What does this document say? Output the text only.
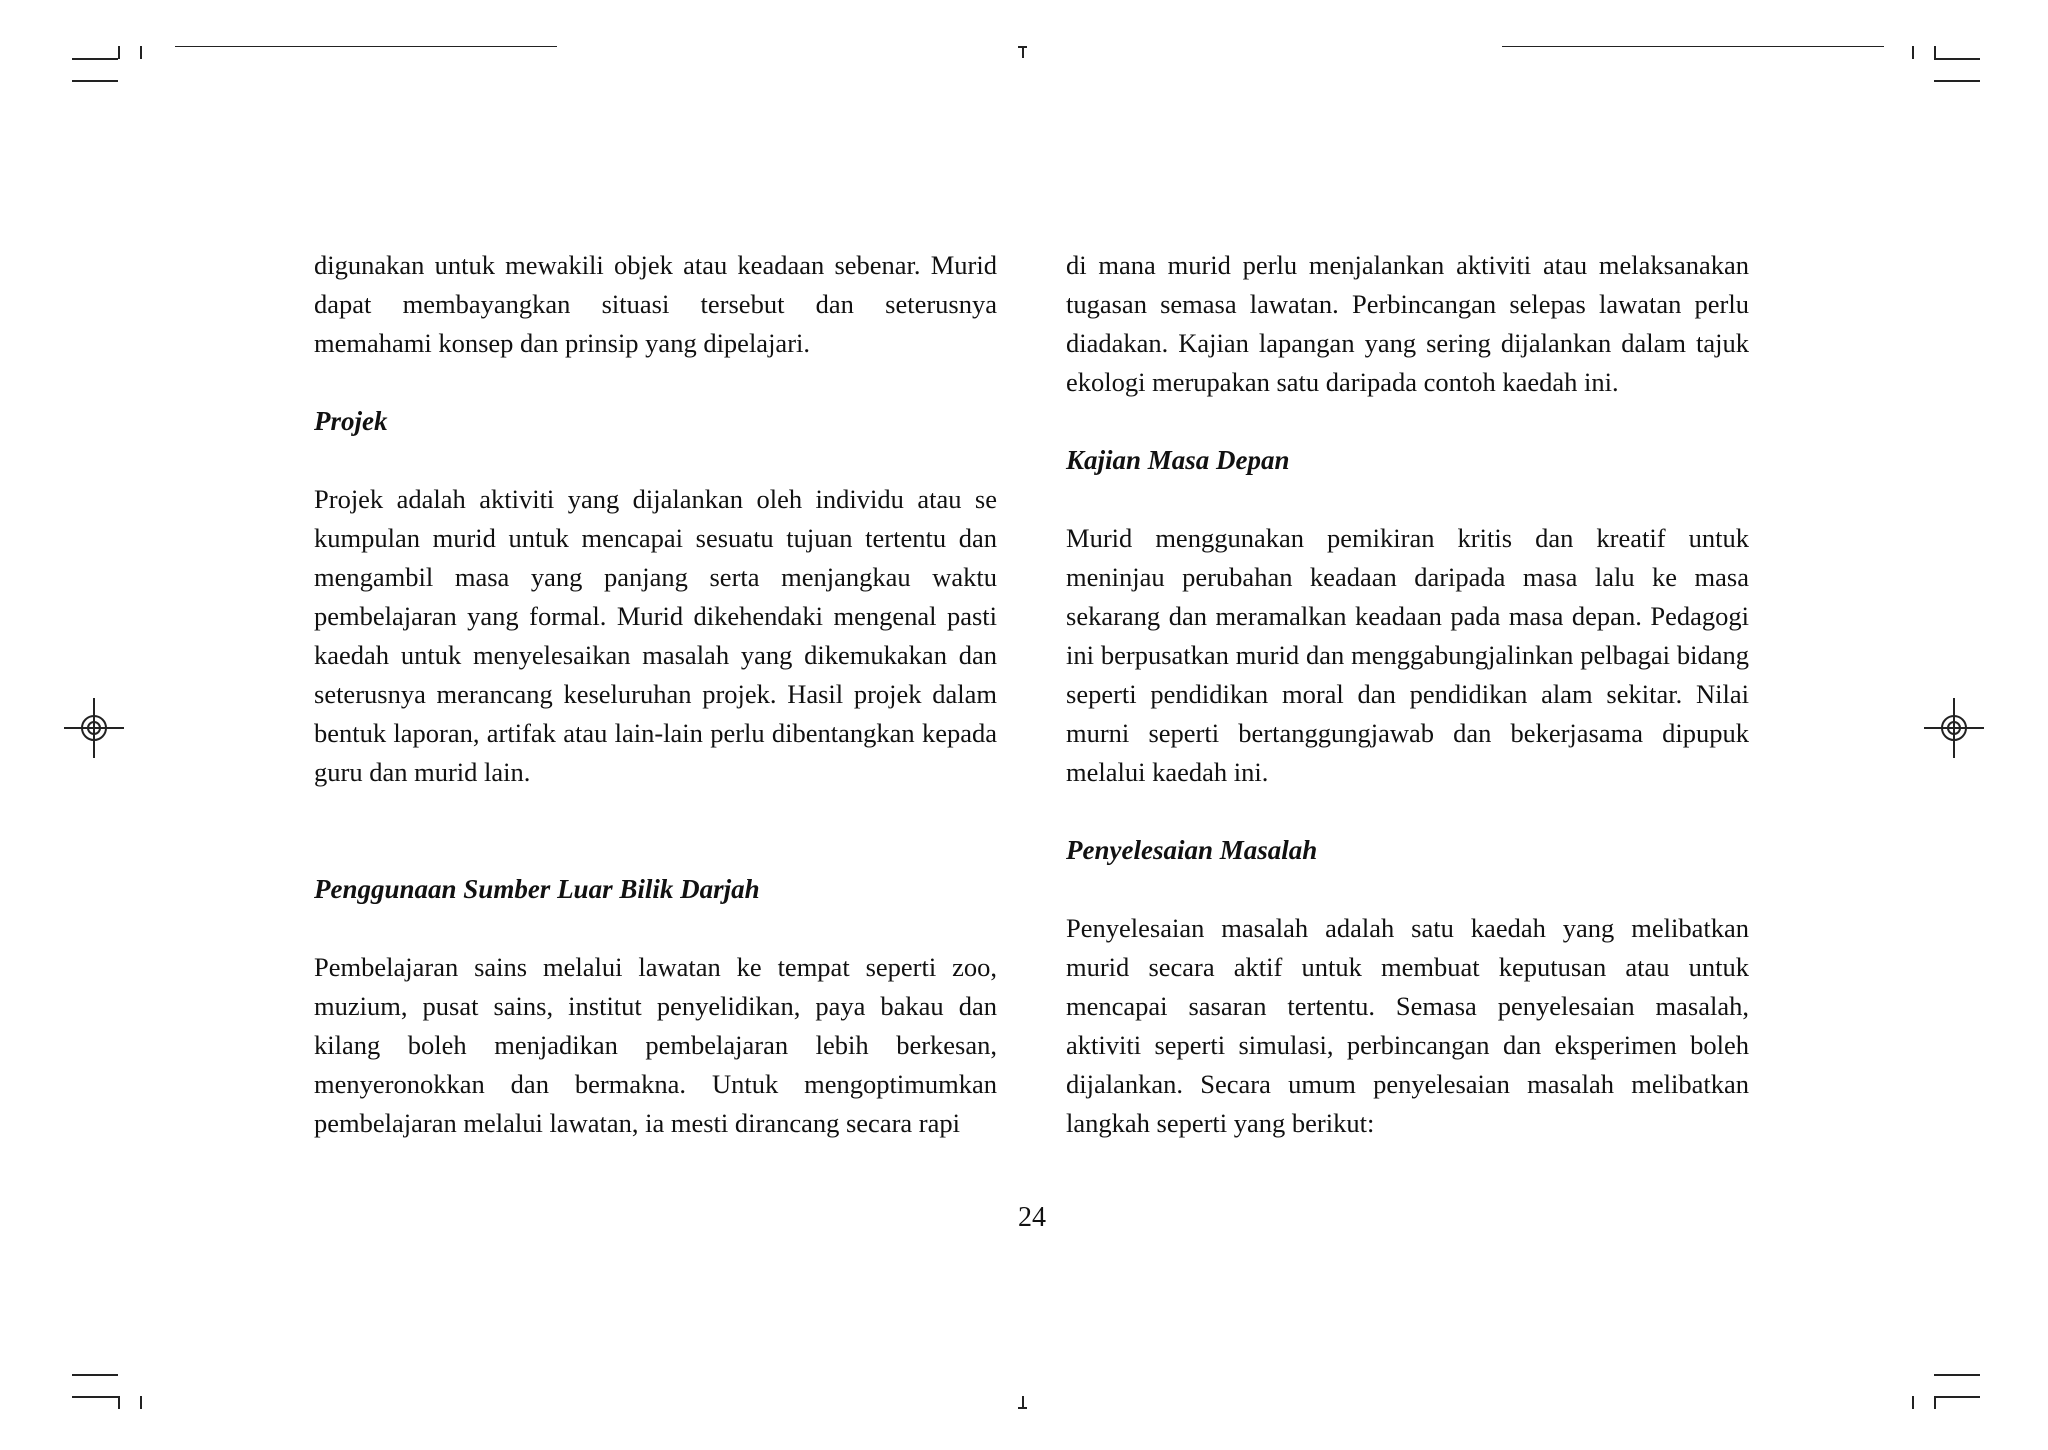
digunakan untuk mewakili objek atau keadaan sebenar. Murid dapat membayangkan situasi tersebut dan seterusnya memahami konsep dan prinsip yang dipelajari.

Projek

Projek adalah aktiviti yang dijalankan oleh individu atau se kumpulan murid untuk mencapai sesuatu tujuan tertentu dan mengambil masa yang panjang serta menjangkau waktu pembelajaran yang formal. Murid dikehendaki mengenal pasti kaedah untuk menyelesaikan masalah yang dikemukakan dan seterusnya merancang keseluruhan projek. Hasil projek dalam bentuk laporan, artifak atau lain-lain perlu dibentangkan kepada guru dan murid lain.

Penggunaan Sumber Luar Bilik Darjah

Pembelajaran sains melalui lawatan ke tempat seperti zoo, muzium, pusat sains, institut penyelidikan, paya bakau dan kilang boleh menjadikan pembelajaran lebih berkesan, menyeronokkan dan bermakna. Untuk mengoptimumkan pembelajaran melalui lawatan, ia mesti dirancang secara rapi

di mana murid perlu menjalankan aktiviti atau melaksanakan tugasan semasa lawatan. Perbincangan selepas lawatan perlu diadakan. Kajian lapangan yang sering dijalankan dalam tajuk ekologi merupakan satu daripada contoh kaedah ini.

Kajian Masa Depan

Murid menggunakan pemikiran kritis dan kreatif untuk meninjau perubahan keadaan daripada masa lalu ke masa sekarang dan meramalkan keadaan pada masa depan. Pedagogi ini berpusatkan murid dan menggabungjalinkan pelbagai bidang seperti pendidikan moral dan pendidikan alam sekitar. Nilai murni seperti bertanggungjawab dan bekerjasama dipupuk melalui kaedah ini.

Penyelesaian Masalah

Penyelesaian masalah adalah satu kaedah yang melibatkan murid secara aktif untuk membuat keputusan atau untuk mencapai sasaran tertentu. Semasa penyelesaian masalah, aktiviti seperti simulasi, perbincangan dan eksperimen boleh dijalankan. Secara umum penyelesaian masalah melibatkan langkah seperti yang berikut:

24
